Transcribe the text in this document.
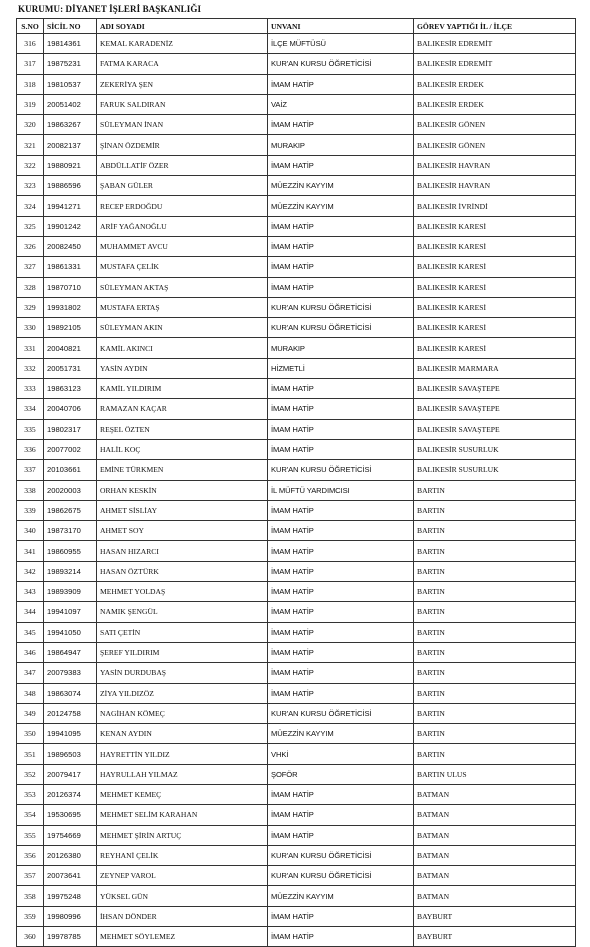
KURUMU: DİYANET İŞLERİ BAŞKANLIĞI
S.NO	SİCİL NO	ADI SOYADI	UNVANI	GÖREV YAPTIĞI İL / İLÇE
316	19814361	KEMAL KARADENİZ	İLÇE MÜFTÜSÜ	BALIKESİR EDREMİT
317	19875231	FATMA KARACA	KUR'AN KURSU ÖĞRETİCİSİ	BALIKESİR EDREMİT
318	19810537	ZEKERİYA ŞEN	İMAM HATİP	BALIKESİR ERDEK
319	20051402	FARUK SALDIRAN	VAİZ	BALIKESİR ERDEK
320	19863267	SÜLEYMAN İNAN	İMAM HATİP	BALIKESİR GÖNEN
321	20082137	ŞİNAN ÖZDEMİR	MURAKIP	BALIKESİR GÖNEN
322	19880921	ABDÜLLATİF ÖZER	İMAM HATİP	BALIKESİR HAVRAN
323	19886596	ŞABAN GÜLER	MÜEZZİN KAYYIM	BALIKESİR HAVRAN
324	19941271	RECEP ERDOĞDU	MÜEZZİN KAYYIM	BALIKESİR İVRİNDİ
325	19901242	ARİF YAĞANOĞLU	İMAM HATİP	BALIKESİR KARESİ
326	20082450	MUHAMMET AVCU	İMAM HATİP	BALIKESİR KARESİ
327	19861331	MUSTAFA ÇELİK	İMAM HATİP	BALIKESİR KARESİ
328	19870710	SÜLEYMAN AKTAŞ	İMAM HATİP	BALIKESİR KARESİ
329	19931802	MUSTAFA ERTAŞ	KUR'AN KURSU ÖĞRETİCİSİ	BALIKESİR KARESİ
330	19892105	SÜLEYMAN AKIN	KUR'AN KURSU ÖĞRETİCİSİ	BALIKESİR KARESİ
331	20040821	KAMİL AKINCI	MURAKIP	BALIKESİR KARESİ
332	20051731	YASİN AYDIN	HİZMETLİ	BALIKESİR MARMARA
333	19863123	KAMİL YILDIRIM	İMAM HATİP	BALIKESİR SAVAŞTEPE
334	20040706	RAMAZAN KAÇAR	İMAM HATİP	BALIKESİR SAVAŞTEPE
335	19802317	REŞEL ÖZTEN	İMAM HATİP	BALIKESİR SAVAŞTEPE
336	20077002	HALİL KOÇ	İMAM HATİP	BALIKESİR SUSURLUK
337	20103661	EMİNE TÜRKMEN	KUR'AN KURSU ÖĞRETİCİSİ	BALIKESİR SUSURLUK
338	20020003	ORHAN KESKİN	İL MÜFTÜ YARDIMCISI	BARTIN
339	19862675	AHMET SİSLİAY	İMAM HATİP	BARTIN
340	19873170	AHMET SOY	İMAM HATİP	BARTIN
341	19860955	HASAN HIZARCI	İMAM HATİP	BARTIN
342	19893214	HASAN ÖZTÜRK	İMAM HATİP	BARTIN
343	19893909	MEHMET YOLDAŞ	İMAM HATİP	BARTIN
344	19941097	NAMIK ŞENGÜL	İMAM HATİP	BARTIN
345	19941050	SATI ÇETİN	İMAM HATİP	BARTIN
346	19864947	ŞEREF YILDIRIM	İMAM HATİP	BARTIN
347	20079383	YASİN DURDUBAŞ	İMAM HATİP	BARTIN
348	19863074	ZİYA YILDIZÖZ	İMAM HATİP	BARTIN
349	20124758	NAGİHAN KÖMEÇ	KUR'AN KURSU ÖĞRETİCİSİ	BARTIN
350	19941095	KENAN AYDIN	MÜEZZİN KAYYIM	BARTIN
351	19896503	HAYRETTİN YILDIZ	VHKİ	BARTIN
352	20079417	HAYRULLAH YILMAZ	ŞOFÖR	BARTIN ULUS
353	20126374	MEHMET KEMEÇ	İMAM HATİP	BATMAN
354	19530695	MEHMET SELİM KARAHAN	İMAM HATİP	BATMAN
355	19754669	MEHMET ŞİRİN ARTUÇ	İMAM HATİP	BATMAN
356	20126380	REYHANİ ÇELİK	KUR'AN KURSU ÖĞRETİCİSİ	BATMAN
357	20073641	ZEYNEP VAROL	KUR'AN KURSU ÖĞRETİCİSİ	BATMAN
358	19975248	YÜKSEL GÜN	MÜEZZİN KAYYIM	BATMAN
359	19980996	İHSAN DÖNDER	İMAM HATİP	BAYBURT
360	19978785	MEHMET SÖYLEMEZ	İMAM HATİP	BAYBURT
